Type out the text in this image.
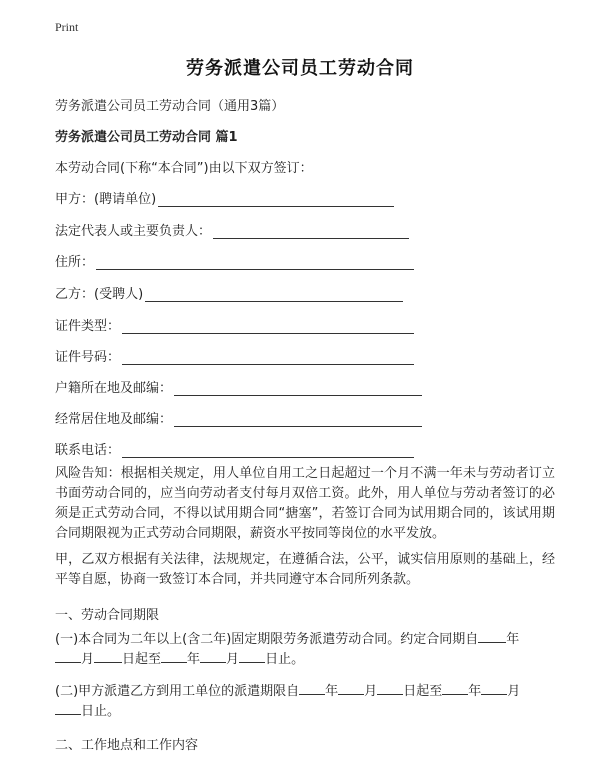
Print
劳务派遣公司员工劳动合同
劳务派遣公司员工劳动合同（通用3篇）
劳务派遣公司员工劳动合同 篇1
本劳动合同(下称“本合同”)由以下双方签订：
甲方：(聘请单位)
法定代表人或主要负责人：
住所：
乙方：(受聘人)
证件类型：
证件号码：
户籍所在地及邮编：
经常居住地及邮编：
联系电话：

风险告知：根据相关规定，用人单位自用工之日起超过一个月不满一年未与劳动者订立书面劳动合同的，应当向劳动者支付每月双倍工资。此外，用人单位与劳动者签订的必须是正式劳动合同，不得以试用期合同“搪塞”，若签订合同为试用期合同的，该试用期合同期限视为正式劳动合同期限，薪资水平按同等岗位的水平发放。

甲，乙双方根据有关法律，法规规定，在遵循合法，公平，诚实信用原则的基础上，经平等自愿，协商一致签订本合同，并共同遵守本合同所列条款。

一、劳动合同期限

(一)本合同为二年以上(含二年)固定期限劳务派遣劳动合同。约定合同期自 年
月 日起至 年 月 日止。

(二)甲方派遣乙方到用工单位的派遣期限自 年 月 日起至 年 月
日止。

二、工作地点和工作内容
